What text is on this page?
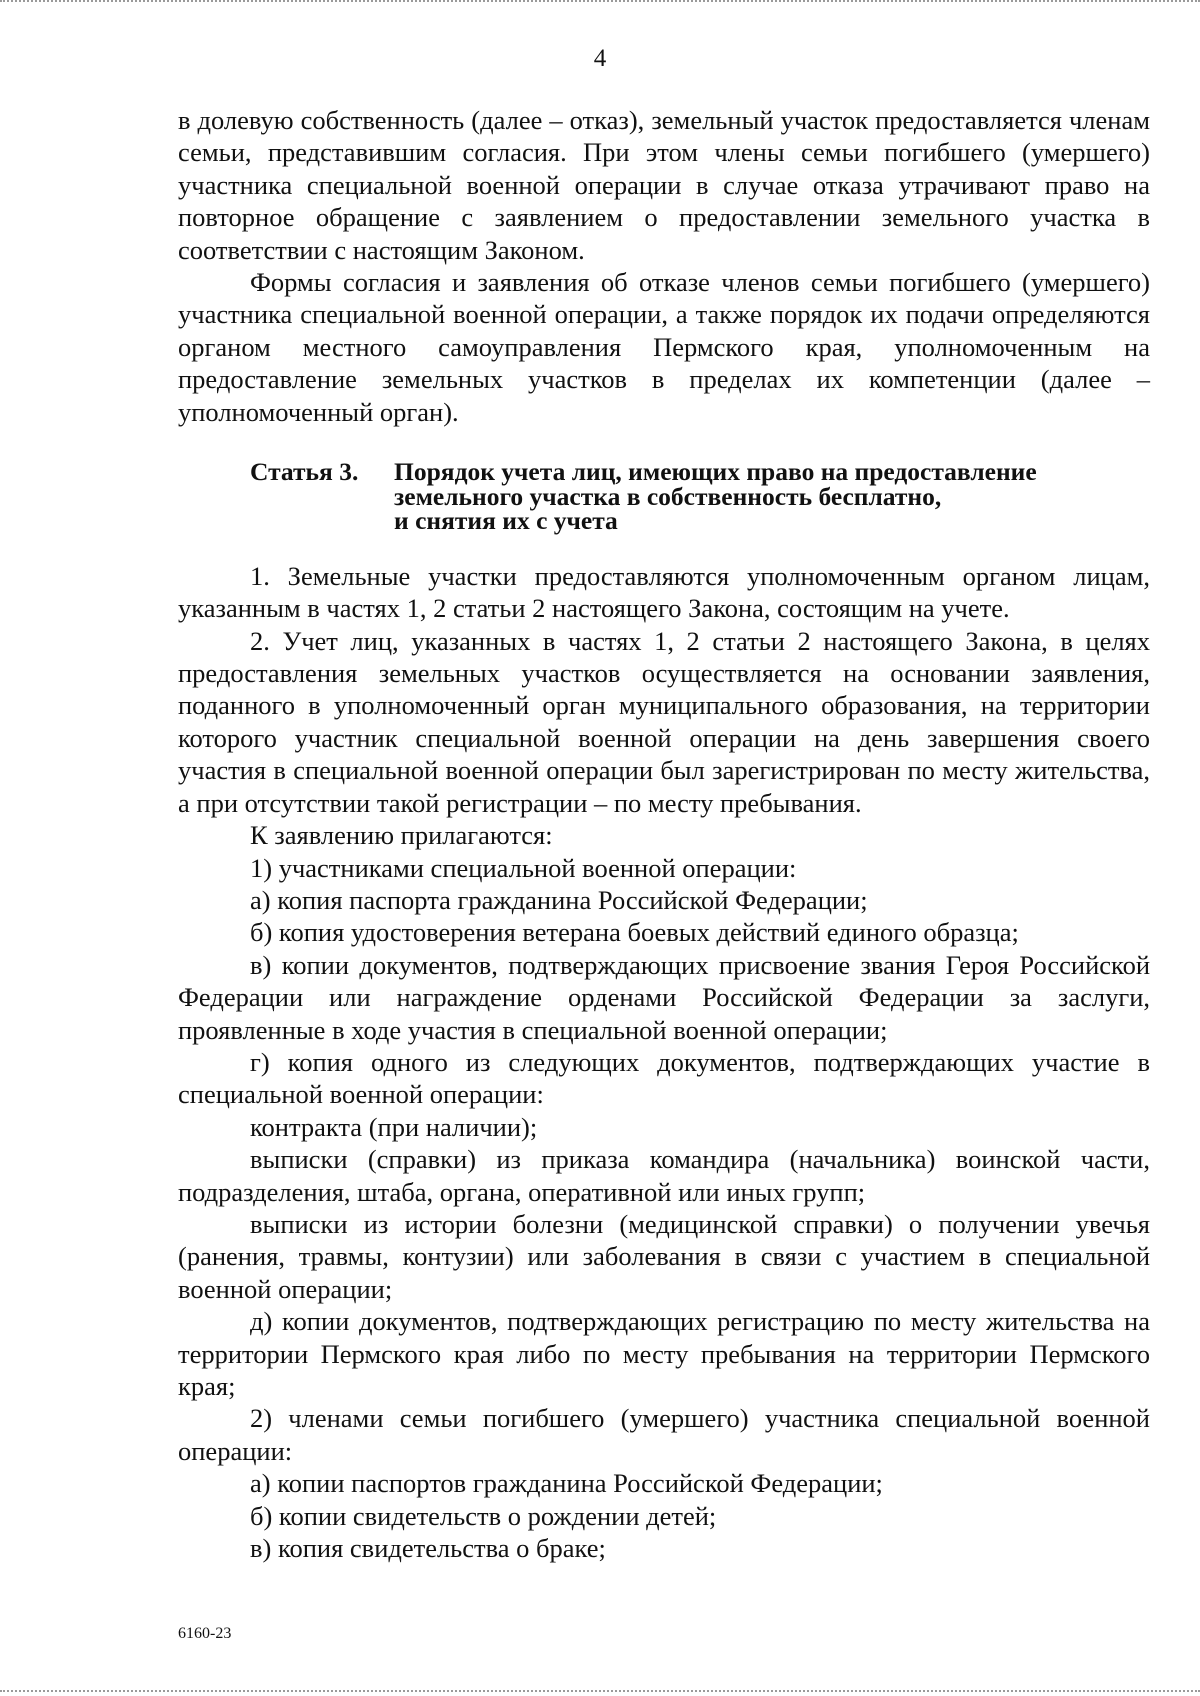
4

в долевую собственность (далее – отказ), земельный участок предоставляется членам семьи, представившим согласия. При этом члены семьи погибшего (умершего) участника специальной военной операции в случае отказа утрачивают право на повторное обращение с заявлением о предоставлении земельного участка в соответствии с настоящим Законом.

Формы согласия и заявления об отказе членов семьи погибшего (умершего) участника специальной военной операции, а также порядок их подачи определяются органом местного самоуправления Пермского края, уполномоченным на предоставление земельных участков в пределах их компетенции (далее – уполномоченный орган).

Статья 3.	Порядок учета лиц, имеющих право на предоставление
земельного участка в собственность бесплатно,
и снятия их с учета

1. Земельные участки предоставляются уполномоченным органом лицам, указанным в частях 1, 2 статьи 2 настоящего Закона, состоящим на учете.

2. Учет лиц, указанных в частях 1, 2 статьи 2 настоящего Закона, в целях предоставления земельных участков осуществляется на основании заявления, поданного в уполномоченный орган муниципального образования, на территории которого участник специальной военной операции на день завершения своего участия в специальной военной операции был зарегистрирован по месту жительства, а при отсутствии такой регистрации – по месту пребывания.

К заявлению прилагаются:

1) участниками специальной военной операции:

а) копия паспорта гражданина Российской Федерации;

б) копия удостоверения ветерана боевых действий единого образца;

в) копии документов, подтверждающих присвоение звания Героя Российской Федерации или награждение орденами Российской Федерации за заслуги, проявленные в ходе участия в специальной военной операции;

г) копия одного из следующих документов, подтверждающих участие в специальной военной операции:

контракта (при наличии);

выписки (справки) из приказа командира (начальника) воинской части, подразделения, штаба, органа, оперативной или иных групп;

выписки из истории болезни (медицинской справки) о получении увечья (ранения, травмы, контузии) или заболевания в связи с участием в специальной военной операции;

д) копии документов, подтверждающих регистрацию по месту жительства на территории Пермского края либо по месту пребывания на территории Пермского края;

2) членами семьи погибшего (умершего) участника специальной военной операции:

а) копии паспортов гражданина Российской Федерации;

б) копии свидетельств о рождении детей;

в) копия свидетельства о браке;

6160-23
